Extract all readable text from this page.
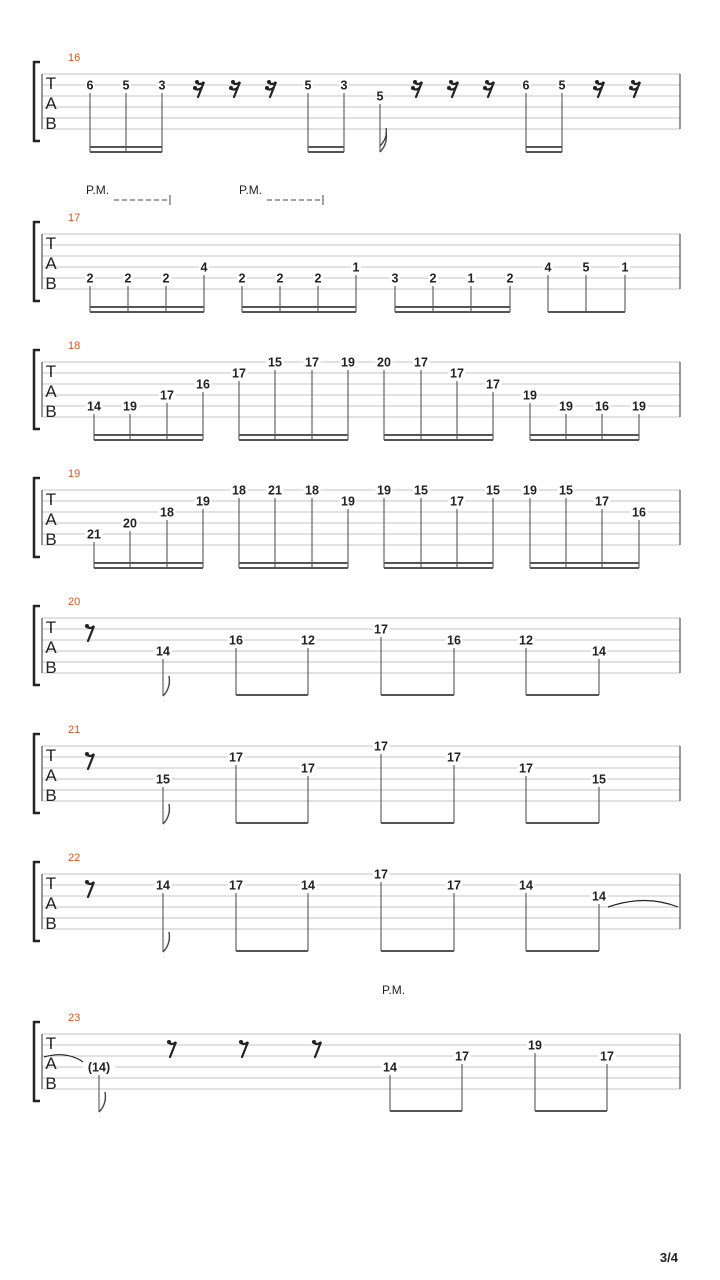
T
A
B
16
6 5 3	5 3
5
6 5
T
A
B
17
P.M.	P.M.
2 2 2
4
2 2 2
1
3 2 1	2
4 5	1
T
A
B
18
14 19
17
16
17
15 17 19 20 17
17
17
19
19 16 19
T
A
B
19
21
20
18
19
18 21 18
19
19 15
17
15 19 15
17
16
T
A
B
20
14
16	12
17
16	12
14
T
A
B
21
15
17
17
17
17
17
15
T
A
B
22
14	17	14
17
17	14
14
T
A
B
23
P.M.
(14)	14
17
19
17
3/4
